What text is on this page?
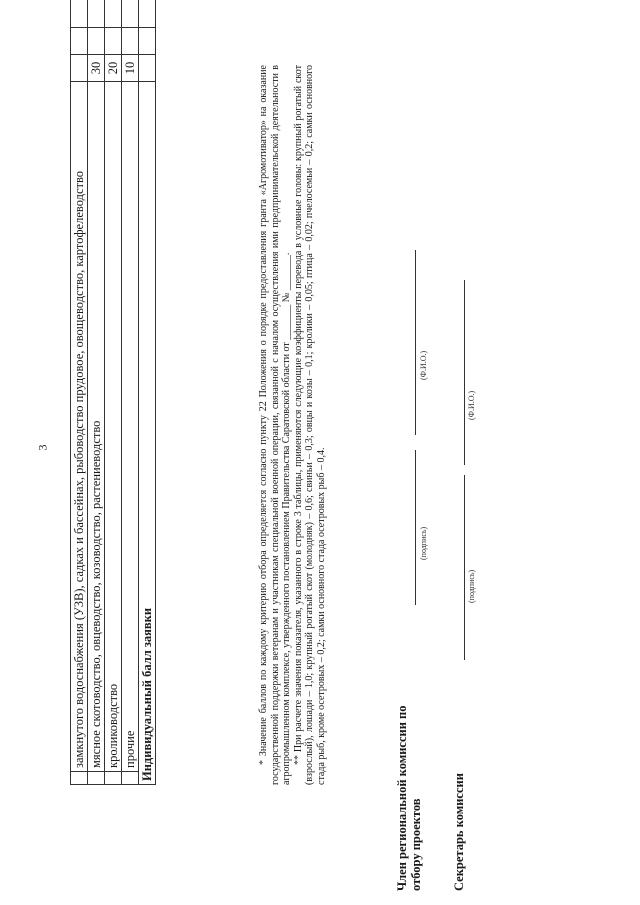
3
	замкнутого водоснабжения (УЗВ), садках и бассейнах, рыбоводство прудовое, овощеводство, картофелеводство			
	мясное скотоводство, овцеводство, козоводство, растениеводство	30		
	кролиководство	20		
	прочие	10		
Индивидуальный балл заявки					* Значение баллов по каждому критерию отбора определяется согласно пункту 22 Положения о порядке предоставления гранта «Агромотиватор» на оказание государственной поддержки ветеранам и участникам специальной военной операции, связанной с началом осуществления ими предпринимательской деятельности в агропромышленном комплексе, утвержденного постановлением Правительства Саратовской области от _______ № _______. ** При расчете значения показателя, указанного в строке 3 таблицы, применяются следующие коэффициенты перевода в условные головы: крупный рогатый скот (взрослый), лошади – 1,0; крупный рогатый скот (молодняк) – 0,6; свиньи – 0,3; овцы и козы – 0,1; кролики – 0,05; птица – 0,02; пчелосемьи – 0,2; самки основного стада рыб, кроме осетровых – 0,2; самки основного стада осетровых рыб – 0,4.

Член региональной комиссии по отбору проектов
(подпись)
(Ф.И.О.)
Секретарь комиссии
(подпись)
(Ф.И.О.)
